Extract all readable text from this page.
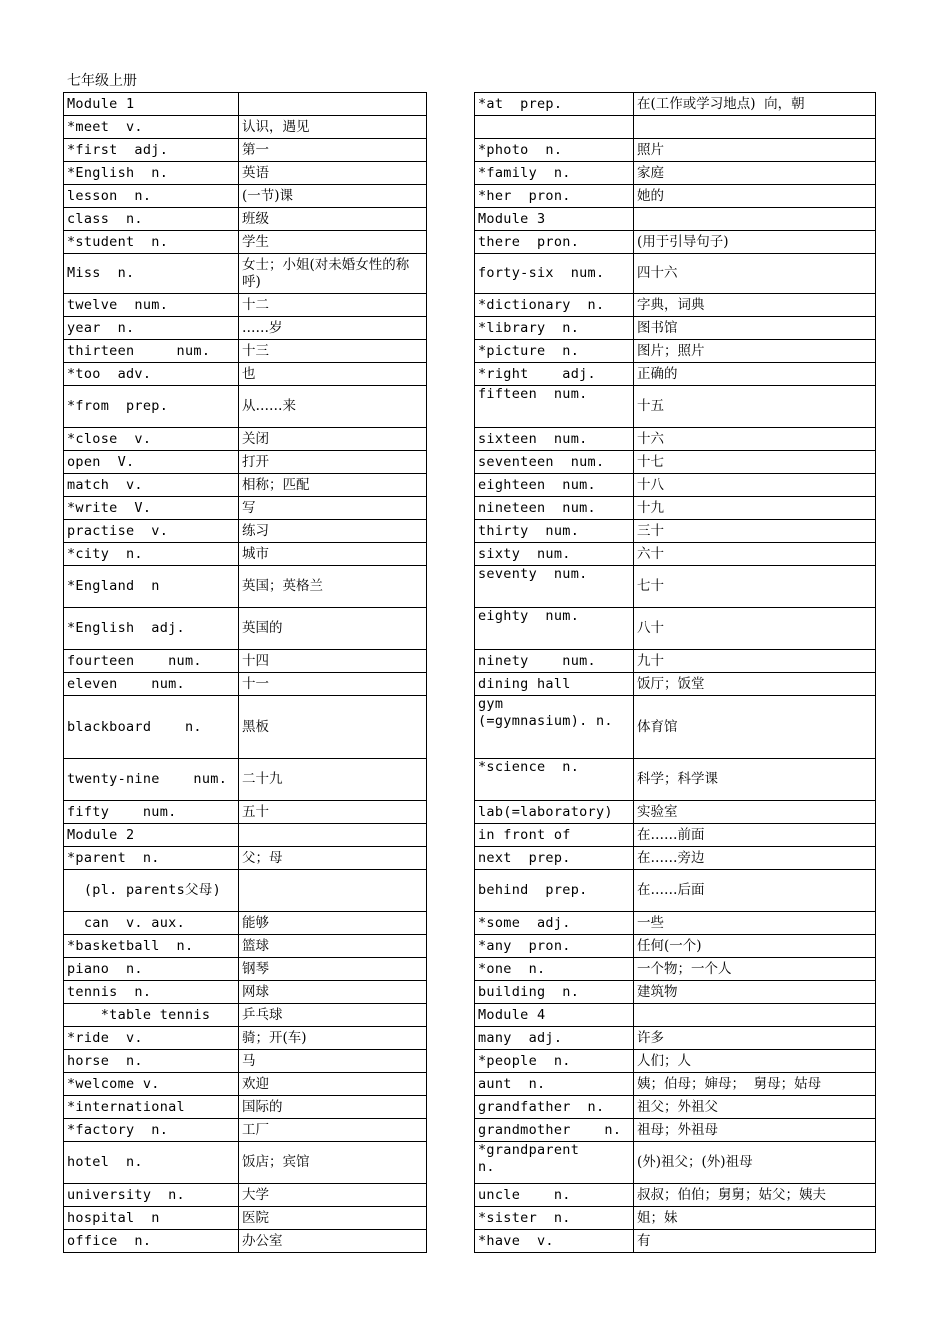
七年级上册
Module 1	
*meet  v.	认识，遇见
*first  adj.	第一
*English  n.	英语
lesson  n.	(一节)课
class  n.	班级
*student  n.	学生
Miss  n.	女士；小姐(对未婚女性的称呼)
twelve  num.	十二
year  n.	……岁
thirteen     num.	十三
*too  adv.	也
*from  prep.	从……来
*close  v.	关闭
open  V.	打开
match  v.	相称；匹配
*write  V.	写
practise  v.	练习
*city  n.	城市
*England  n	英国；英格兰
*English  adj.	英国的
fourteen    num.	十四
eleven    num.	十一
blackboard    n.	黑板
twenty-nine    num.	二十九
fifty    num.	五十
Module 2	
*parent  n.	父；母
(pl. parents父母)	
can  v. aux.	能够
*basketball  n.	篮球
piano  n.	钢琴
tennis  n.	网球
*table tennis	乒乓球
*ride  v.	骑；开(车)
horse  n.	马
*welcome v.	欢迎
*international	国际的
*factory  n.	工厂
hotel  n.	饭店；宾馆
university  n.	大学
hospital  n	医院
office  n.	办公室
*at  prep.	在(工作或学习地点)  向，朝

*photo  n.	照片
*family  n.	家庭
*her  pron.	她的
Module 3	
there  pron.	(用于引导句子)
forty-six  num.	四十六
*dictionary  n.	字典，词典
*library  n.	图书馆
*picture  n.	图片；照片
*right    adj.	正确的
fifteen  num.	十五
sixteen  num.	十六
seventeen  num.	十七
eighteen  num.	十八
nineteen  num.	十九
thirty  num.	三十
sixty  num.	六十
seventy  num.	七十
eighty  num.	八十
ninety    num.	九十
dining hall	饭厅；饭堂
gym
(=gymnasium). n.	体育馆
*science  n.	科学；科学课
lab(=laboratory)	实验室
in front of	在……前面
next  prep.	在……旁边
behind  prep.	在……后面
*some  adj.	一些
*any  pron.	任何(一个)
*one  n.	一个物；一个人
building  n.	建筑物
Module 4	
many  adj.	许多
*people  n.	人们；人
aunt  n.	姨；伯母；婶母；  舅母；姑母
grandfather  n.	祖父；外祖父
grandmother    n.	祖母；外祖母
*grandparent
n.	(外)祖父；(外)祖母
uncle    n.	叔叔；伯伯；舅舅；姑父；姨夫
*sister  n.	姐；妹
*have  v.	有
